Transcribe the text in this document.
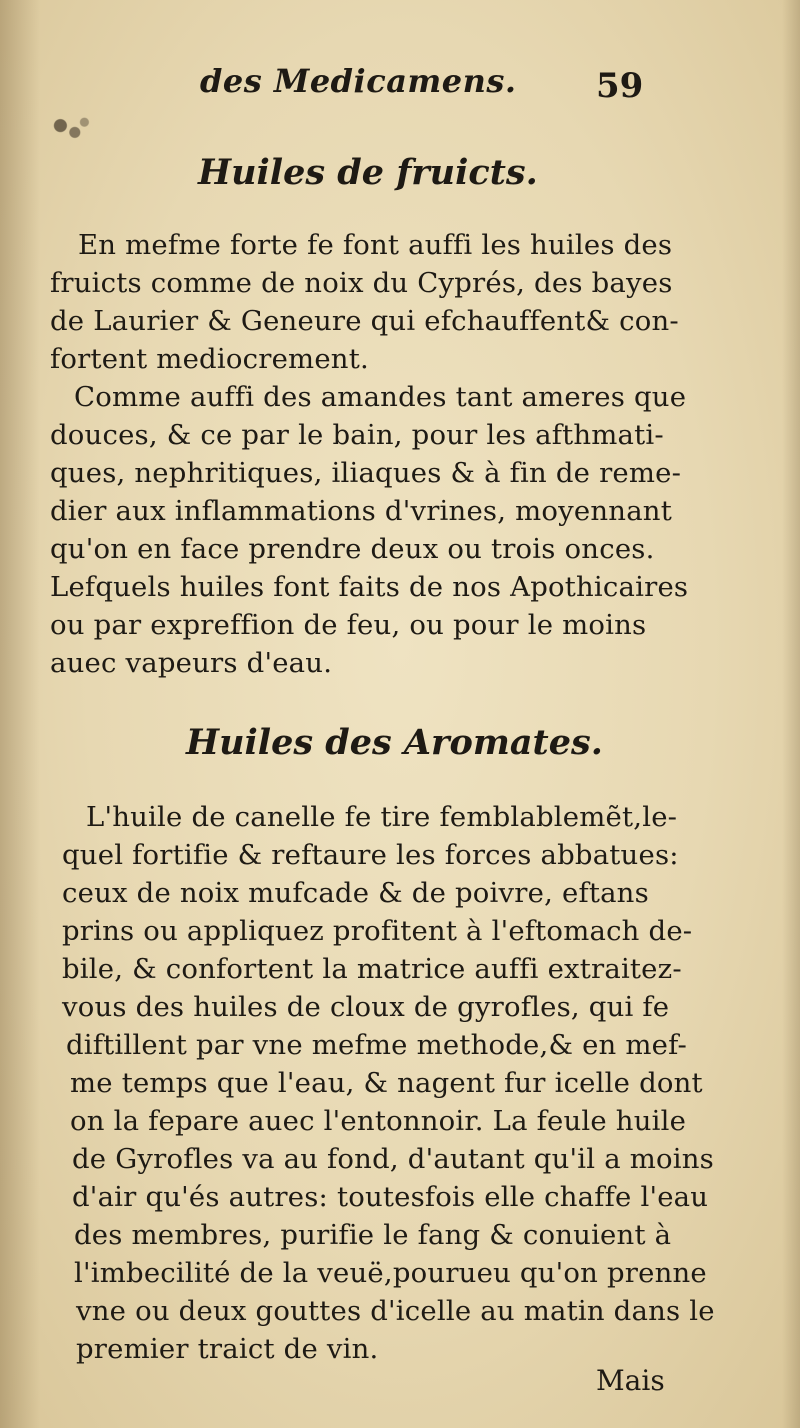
des Medicamens. 59
Huiles de fruicts.
En mefme forte fe font auffi les huiles des
fruicts comme de noix du Cyprés, des bayes
de Laurier & Geneure qui efchauffent& con-
fortent mediocrement.
Comme auffi des amandes tant ameres que
douces, & ce par le bain, pour les afthmati-
ques, nephritiques, iliaques & à fin de reme-
dier aux inflammations d'vrines, moyennant
qu'on en face prendre deux ou trois onces.
Lefquels huiles font faits de nos Apothicaires
ou par expreffion de feu, ou pour le moins
auec vapeurs d'eau.
Huiles des Aromates.
L'huile de canelle fe tire femblablemẽt,le-
quel fortifie & reftaure les forces abbatues:
ceux de noix mufcade & de poivre, eftans
prins ou appliquez profitent à l'eftomach de-
bile, & confortent la matrice auffi extraitez-
vous des huiles de cloux de gyrofles, qui fe
diftillent par vne mefme methode,& en mef-
me temps que l'eau, & nagent fur icelle dont
on la fepare auec l'entonnoir. La feule huile
de Gyrofles va au fond, d'autant qu'il a moins
d'air qu'és autres: toutesfois elle chaffe l'eau
des membres, purifie le fang & conuient à
l'imbecilité de la veuë,pourueu qu'on prenne
vne ou deux gouttes d'icelle au matin dans le
premier traict de vin.
Mais
